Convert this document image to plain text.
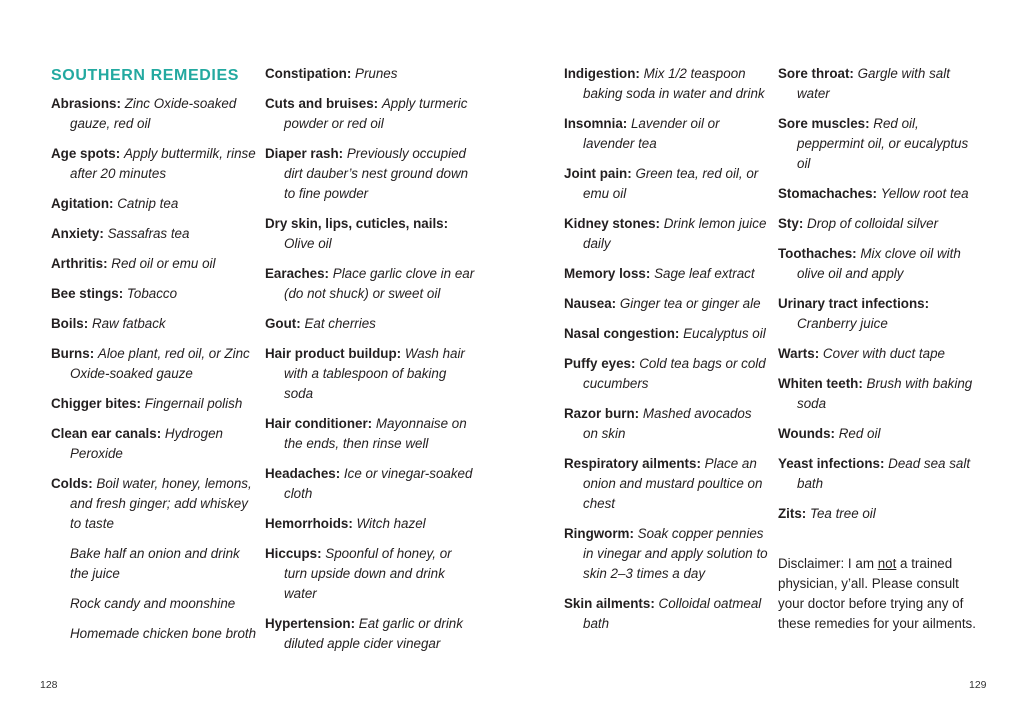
SOUTHERN REMEDIES
Abrasions: Zinc Oxide-soaked gauze, red oil
Age spots: Apply buttermilk, rinse after 20 minutes
Agitation: Catnip tea
Anxiety: Sassafras tea
Arthritis: Red oil or emu oil
Bee stings: Tobacco
Boils: Raw fatback
Burns: Aloe plant, red oil, or Zinc Oxide-soaked gauze
Chigger bites: Fingernail polish
Clean ear canals: Hydrogen Peroxide
Colds: Boil water, honey, lemons, and fresh ginger; add whiskey to taste
Bake half an onion and drink the juice
Rock candy and moonshine
Homemade chicken bone broth
Constipation: Prunes
Cuts and bruises: Apply turmeric powder or red oil
Diaper rash: Previously occupied dirt dauber’s nest ground down to fine powder
Dry skin, lips, cuticles, nails: Olive oil
Earaches: Place garlic clove in ear (do not shuck) or sweet oil
Gout: Eat cherries
Hair product buildup: Wash hair with a tablespoon of baking soda
Hair conditioner: Mayonnaise on the ends, then rinse well
Headaches: Ice or vinegar-soaked cloth
Hemorrhoids: Witch hazel
Hiccups: Spoonful of honey, or turn upside down and drink water
Hypertension: Eat garlic or drink diluted apple cider vinegar
Indigestion: Mix 1/2 teaspoon baking soda in water and drink
Insomnia: Lavender oil or lavender tea
Joint pain: Green tea, red oil, or emu oil
Kidney stones: Drink lemon juice daily
Memory loss: Sage leaf extract
Nausea: Ginger tea or ginger ale
Nasal congestion: Eucalyptus oil
Puffy eyes: Cold tea bags or cold cucumbers
Razor burn: Mashed avocados on skin
Respiratory ailments: Place an onion and mustard poultice on chest
Ringworm: Soak copper pennies in vinegar and apply solution to skin 2–3 times a day
Skin ailments: Colloidal oatmeal bath
Sore throat: Gargle with salt water
Sore muscles: Red oil, peppermint oil, or eucalyptus oil
Stomachaches: Yellow root tea
Sty: Drop of colloidal silver
Toothaches: Mix clove oil with olive oil and apply
Urinary tract infections: Cranberry juice
Warts: Cover with duct tape
Whiten teeth: Brush with baking soda
Wounds: Red oil
Yeast infections: Dead sea salt bath
Zits: Tea tree oil
Disclaimer: I am not a trained physician, y’all. Please consult your doctor before trying any of these remedies for your ailments.
128	129
